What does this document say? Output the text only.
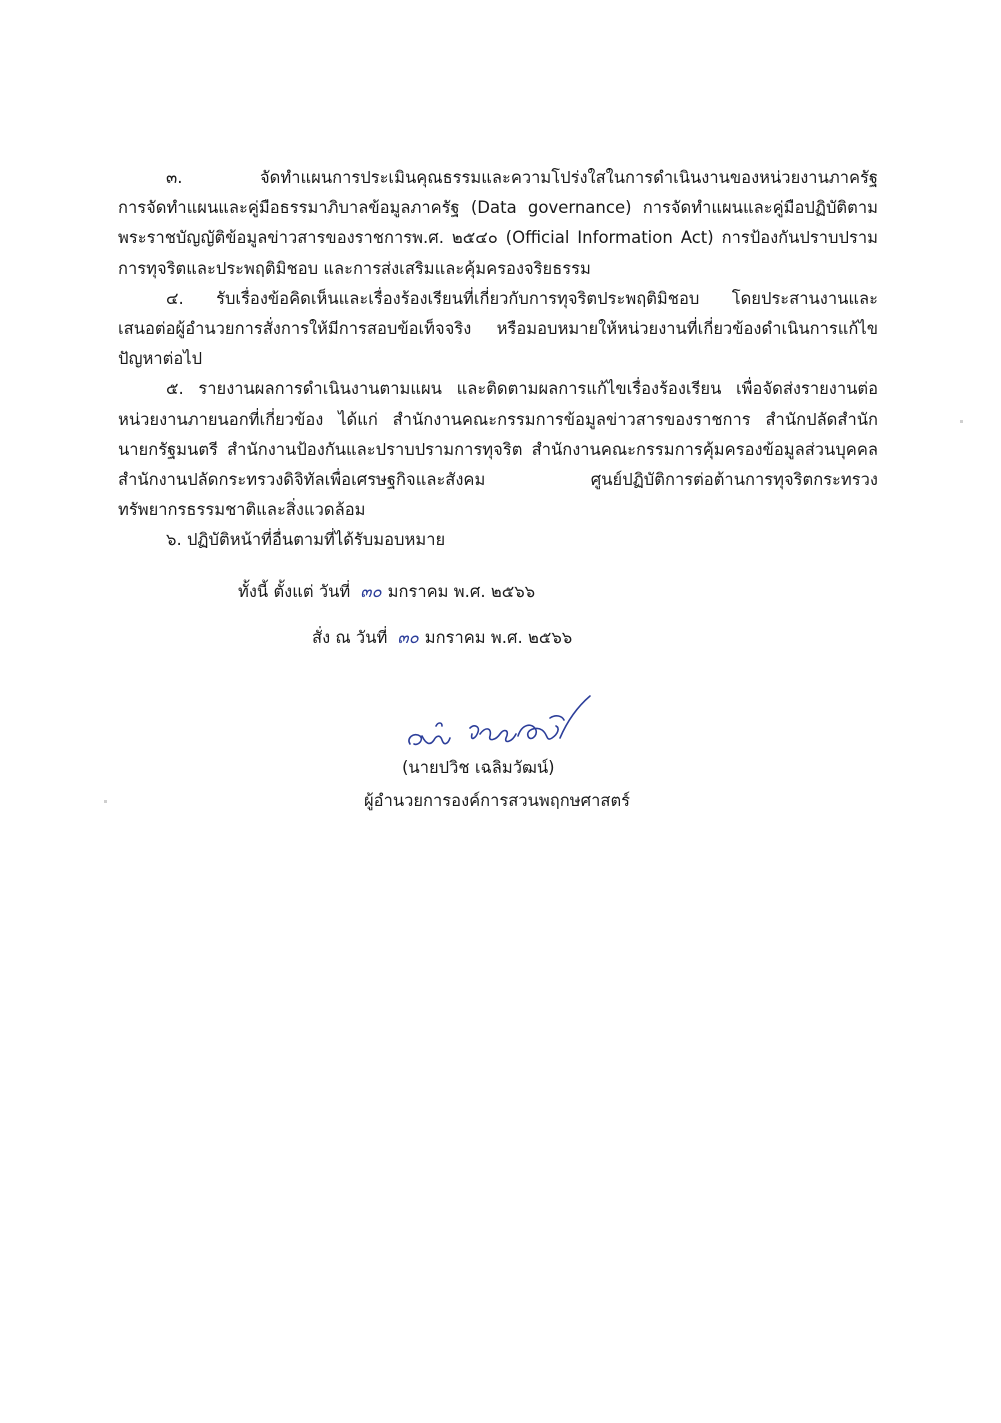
๓. จัดทำแผนการประเมินคุณธรรมและความโปร่งใสในการดำเนินงานของหน่วยงานภาครัฐ
การจัดทำแผนและคู่มือธรรมาภิบาลข้อมูลภาครัฐ (Data governance) การจัดทำแผนและคู่มือปฏิบัติตาม
พระราชบัญญัติข้อมูลข่าวสารของราชการพ.ศ. ๒๕๔๐ (Official Information Act) การป้องกันปราบปราม
การทุจริตและประพฤติมิชอบ และการส่งเสริมและคุ้มครองจริยธรรม
๔. รับเรื่องข้อคิดเห็นและเรื่องร้องเรียนที่เกี่ยวกับการทุจริตประพฤติมิชอบ โดยประสานงานและ
เสนอต่อผู้อำนวยการสั่งการให้มีการสอบข้อเท็จจริง หรือมอบหมายให้หน่วยงานที่เกี่ยวข้องดำเนินการแก้ไข
ปัญหาต่อไป
๕. รายงานผลการดำเนินงานตามแผน และติดตามผลการแก้ไขเรื่องร้องเรียน เพื่อจัดส่งรายงานต่อ
หน่วยงานภายนอกที่เกี่ยวข้อง ได้แก่ สำนักงานคณะกรรมการข้อมูลข่าวสารของราชการ สำนักปลัดสำนัก
นายกรัฐมนตรี สำนักงานป้องกันและปราบปรามการทุจริต สำนักงานคณะกรรมการคุ้มครองข้อมูลส่วนบุคคล
สำนักงานปลัดกระทรวงดิจิทัลเพื่อเศรษฐกิจและสังคม ศูนย์ปฏิบัติการต่อต้านการทุจริตกระทรวง
ทรัพยากรธรรมชาติและสิ่งแวดล้อม
๖. ปฏิบัติหน้าที่อื่นตามที่ได้รับมอบหมาย
ทั้งนี้ ตั้งแต่ วันที่ ๓๐ มกราคม พ.ศ. ๒๕๖๖
สั่ง ณ วันที่ ๓๐ มกราคม พ.ศ. ๒๕๖๖
(นายปวิช เฉลิมวัฒน์)
ผู้อำนวยการองค์การสวนพฤกษศาสตร์
